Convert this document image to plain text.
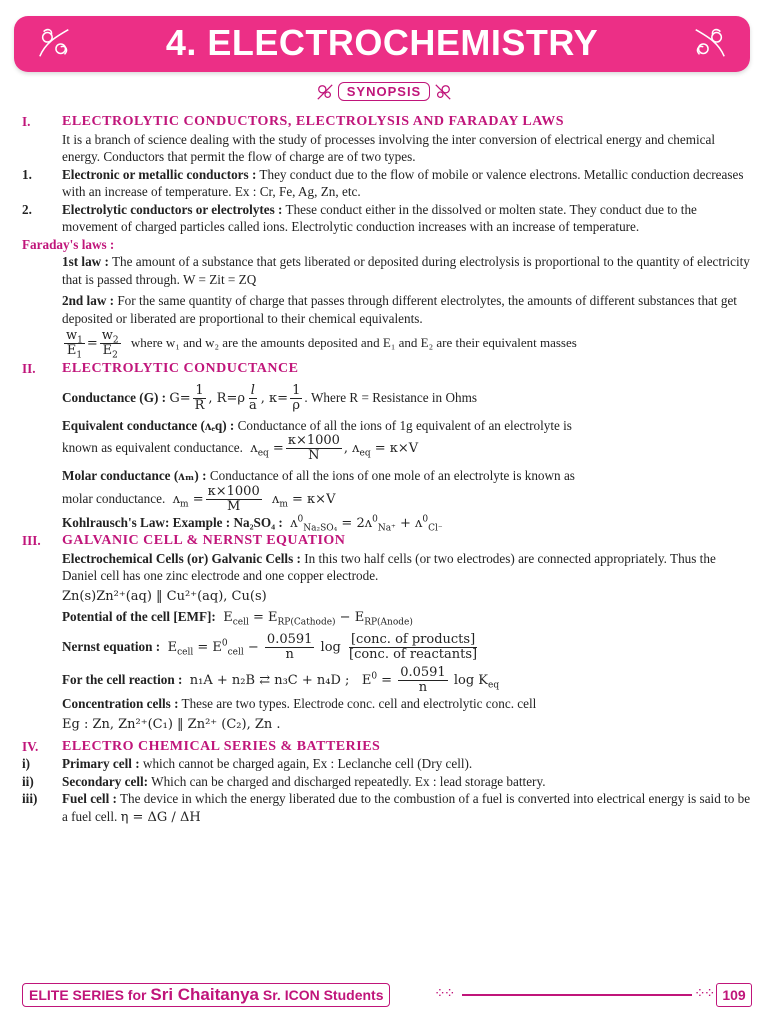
4. ELECTROCHEMISTRY
SYNOPSIS
I.	ELECTROLYTIC CONDUCTORS, ELECTROLYSIS AND FARADAY LAWS
It is a branch of science dealing with the study of processes involving the inter conversion of electrical energy and chemical energy. Conductors that permit the flow of charge are of two types.
1.	Electronic or metallic conductors : They conduct due to the flow of mobile or valence electrons. Metallic conduction decreases with an increase of temperature. Ex : Cr, Fe, Ag, Zn, etc.
2.	Electrolytic conductors or electrolytes : These conduct either in the dissolved or molten state. They conduct due to the movement of charged particles called ions. Electrolytic conduction increases with an increase of temperature.
Faraday's laws :
1st law : The amount of a substance that gets liberated or deposited during electrolysis is proportional to the quantity of electricity that is passed through. W = Zit = ZQ
2nd law : For the same quantity of charge that passes through different electrolytes, the amounts of different substances that get deposited or liberated are proportional to their chemical equivalents.
$\frac{w_1}{E_1} = \frac{w_2}{E_2}$ where w₁ and w₂ are the amounts deposited and E₁ and E₂ are their equivalent masses
II.	ELECTROLYTIC CONDUCTANCE
Conductance (G) : $G= \frac{1}{R}$ , $R=\rho \frac{l}{a}$ , $\kappa= \frac{1}{\rho}$ . Where R = Resistance in Ohms
Equivalent conductance (ʌₑq) : Conductance of all the ions of 1g equivalent of an electrolyte is
known as equivalent conductance.  ʌ$_{eq}$ = $\frac{\kappa\times 1000}{N}$ , ʌ$_{eq}$ = κ×V
Molar conductance (ʌₘ) : Conductance of all the ions of one mole of an electrolyte is known as
molar conductance.  ʌ$_m$ = $\frac{\kappa\times 1000}{M}$ ʌ$_m$ = κ×V
Kohlrausch's Law: Example : Na₂SO₄ :  ʌ$^0_{Na_2SO_4}$ = 2ʌ$^0_{Na^+}$ + ʌ$^0_{Cl^-}$
III.	GALVANIC CELL & NERNST EQUATION
Electrochemical Cells (or) Galvanic Cells : In this two half cells (or two electrodes) are connected appropriately. Thus the Daniel cell has one zinc electrode and one copper electrode.
Zn(s)Zn²⁺(aq) ‖ Cu²⁺(aq), Cu(s)
Potential of the cell [EMF]:  $E_{cell} = E_{RP(Cathode)} - E_{RP(Anode)}$
Nernst equation :  $E_{cell} = E^0_{cell} - \frac{0.0591}{n}$ $\log \frac{\text{[conc. of products]}}{\text{[conc. of reactants]}}$
For the cell reaction :  n₁A + n₂B ⇄ n₃C + n₄D ;   $E^0 = \frac{0.0591}{n}$ $\log K_{eq}$
Concentration cells : These are two types. Electrode conc. cell and electrolytic conc. cell
Eg : Zn, Zn²⁺(C₁) ‖ Zn²⁺ (C₂), Zn .
IV.	ELECTRO CHEMICAL SERIES & BATTERIES
i)	Primary cell : which cannot be charged again, Ex : Leclanche cell (Dry cell).
ii)	Secondary cell: Which can be charged and discharged repeatedly. Ex : lead storage battery.
iii)	Fuel cell : The device in which the energy liberated due to the combustion of a fuel is converted into electrical energy is said to be a fuel cell. η = ΔG / ΔH
ELITE SERIES for Sri Chaitanya Sr. ICON Students	⁘⁘	⁘⁘ 109
